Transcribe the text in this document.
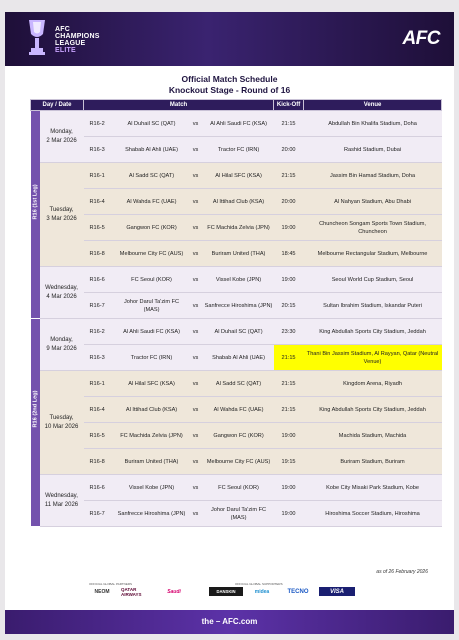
AFC
CHAMPIONS
LEAGUE
ELITE
AFC
Official Match Schedule
Knockout Stage - Round of 16
Day / Date		Match				Kick-Off	Venue

R16 (1st Leg)	Monday,
2 Mar 2026	R16-2	Al Duhail SC (QAT)	vs	Al Ahli Saudi FC (KSA)	21:15	Abdullah Bin Khalifa Stadium, Doha
		R16-3	Shabab Al Ahli (UAE)	vs	Tractor FC (IRN)	20:00	Rashid Stadium, Dubai
	Tuesday,
3 Mar 2026	R16-1	Al Sadd SC (QAT)	vs	Al Hilal SFC (KSA)	21:15	Jassim Bin Hamad Stadium, Doha
		R16-4	Al Wahda FC (UAE)	vs	Al Ittihad Club (KSA)	20:00	Al Nahyan Stadium, Abu Dhabi
		R16-5	Gangwon FC (KOR)	vs	FC Machida Zelvia (JPN)	19:00	Chuncheon Songam Sports Town Stadium, Chuncheon
		R16-8	Melbourne City FC (AUS)	vs	Buriram United (THA)	18:45	Melbourne Rectangular Stadium, Melbourne
	Wednesday,
4 Mar 2026	R16-6	FC Seoul (KOR)	vs	Vissel Kobe (JPN)	19:00	Seoul World Cup Stadium, Seoul
		R16-7	Johor Darul Ta'zim FC (MAS)	vs	Sanfrecce Hiroshima (JPN)	20:15	Sultan Ibrahim Stadium, Iskandar Puteri

R16 (2nd Leg)	Monday,
9 Mar 2026	R16-2	Al Ahli Saudi FC (KSA)	vs	Al Duhail SC (QAT)	23:30	King Abdullah Sports City Stadium, Jeddah
		R16-3	Tractor FC (IRN)	vs	Shabab Al Ahli (UAE)	21:15	Thani Bin Jassim Stadium, Al Rayyan, Qatar (Neutral Venue)
	Tuesday,
10 Mar 2026	R16-1	Al Hilal SFC (KSA)	vs	Al Sadd SC (QAT)	21:15	Kingdom Arena, Riyadh
		R16-4	Al Ittihad Club (KSA)	vs	Al Wahda FC (UAE)	21:15	King Abdullah Sports City Stadium, Jeddah
		R16-5	FC Machida Zelvia (JPN)	vs	Gangwon FC (KOR)	19:00	Machida Stadium, Machida
		R16-8	Buriram United (THA)	vs	Melbourne City FC (AUS)	19:15	Buriram Stadium, Buriram
	Wednesday,
11 Mar 2026	R16-6	Vissel Kobe (JPN)	vs	FC Seoul (KOR)	19:00	Kobe City Misaki Park Stadium, Kobe
		R16-7	Sanfrecce Hiroshima (JPN)	vs	Johor Darul Ta'zim FC (MAS)	19:00	Hiroshima Soccer Stadium, Hiroshima
as of 26 February 2026
OFFICIAL GLOBAL PARTNERS	OFFICIAL GLOBAL SUPPORTERS
NEOM	QATAR AIRWAYS	Saudi	DANSKIN	midea	TECNO	VISA
the – AFC.com
